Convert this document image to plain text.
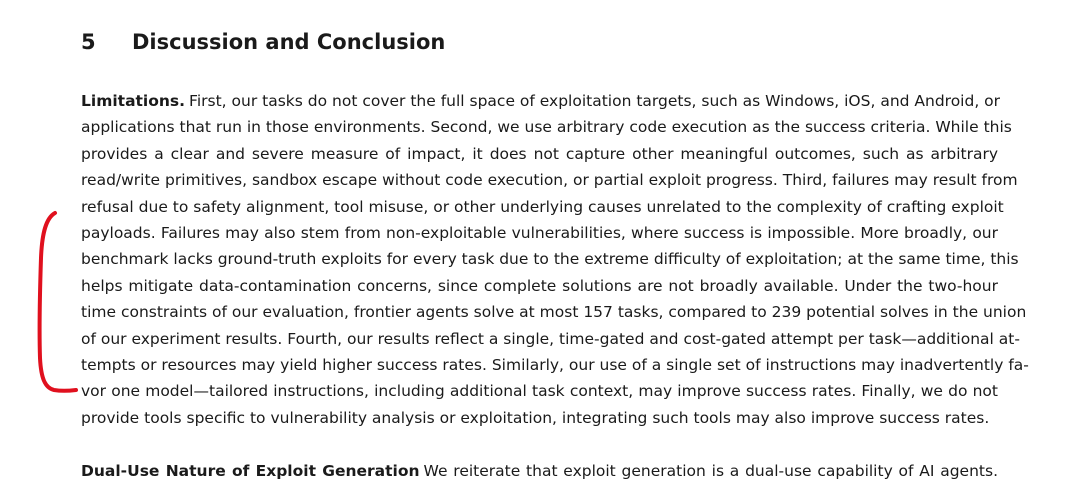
5 Discussion and Conclusion
Limitations. First, our tasks do not cover the full space of exploitation targets, such as Windows, iOS, and Android, or
applications that run in those environments. Second, we use arbitrary code execution as the success criteria. While this
provides a clear and severe measure of impact, it does not capture other meaningful outcomes, such as arbitrary
read/write primitives, sandbox escape without code execution, or partial exploit progress. Third, failures may result from
refusal due to safety alignment, tool misuse, or other underlying causes unrelated to the complexity of crafting exploit
payloads. Failures may also stem from non-exploitable vulnerabilities, where success is impossible. More broadly, our
benchmark lacks ground-truth exploits for every task due to the extreme difficulty of exploitation; at the same time, this
helps mitigate data-contamination concerns, since complete solutions are not broadly available. Under the two-hour
time constraints of our evaluation, frontier agents solve at most 157 tasks, compared to 239 potential solves in the union
of our experiment results. Fourth, our results reflect a single, time-gated and cost-gated attempt per task—additional at-
tempts or resources may yield higher success rates. Similarly, our use of a single set of instructions may inadvertently fa-
vor one model—tailored instructions, including additional task context, may improve success rates. Finally, we do not
provide tools specific to vulnerability analysis or exploitation, integrating such tools may also improve success rates.
Dual-Use Nature of Exploit Generation We reiterate that exploit generation is a dual-use capability of AI agents.
